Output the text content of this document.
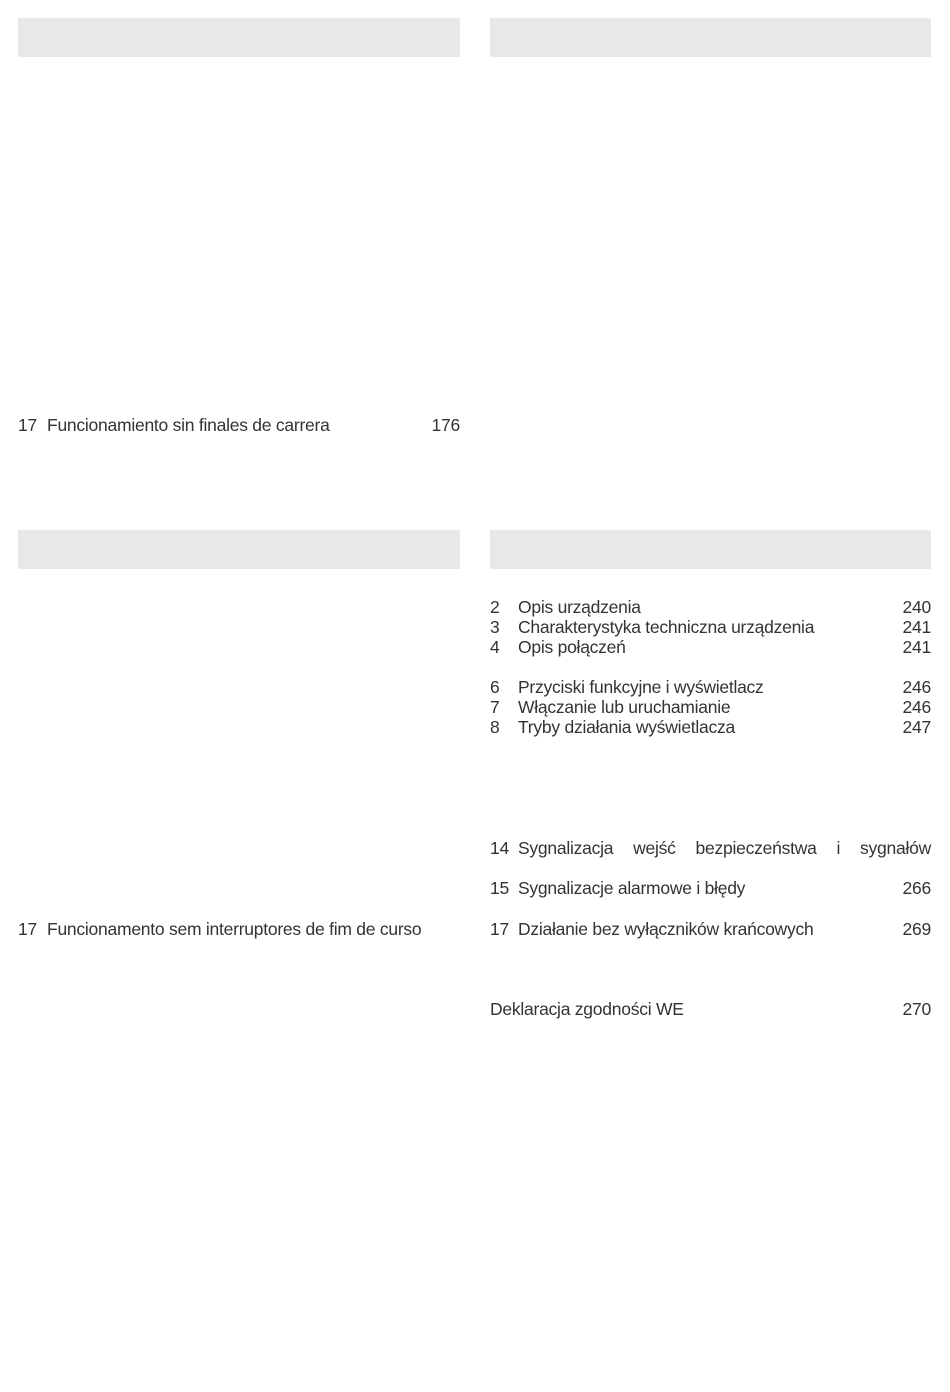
17 Funcionamiento sin finales de carrera	176
17 Funcionamento sem interruptores de fim de curso
2 Opis urządzenia	240
3 Charakterystyka techniczna urządzenia	241
4 Opis połączeń	241
6 Przyciski funkcyjne i wyświetlacz	246
7 Włączanie lub uruchamianie	246
8 Tryby działania wyświetlacza	247
14 Sygnalizacja wejść bezpieczeństwa i sygnałów
15 Sygnalizacje alarmowe i błędy	266
17 Działanie bez wyłączników krańcowych	269
Deklaracja zgodności WE	270
